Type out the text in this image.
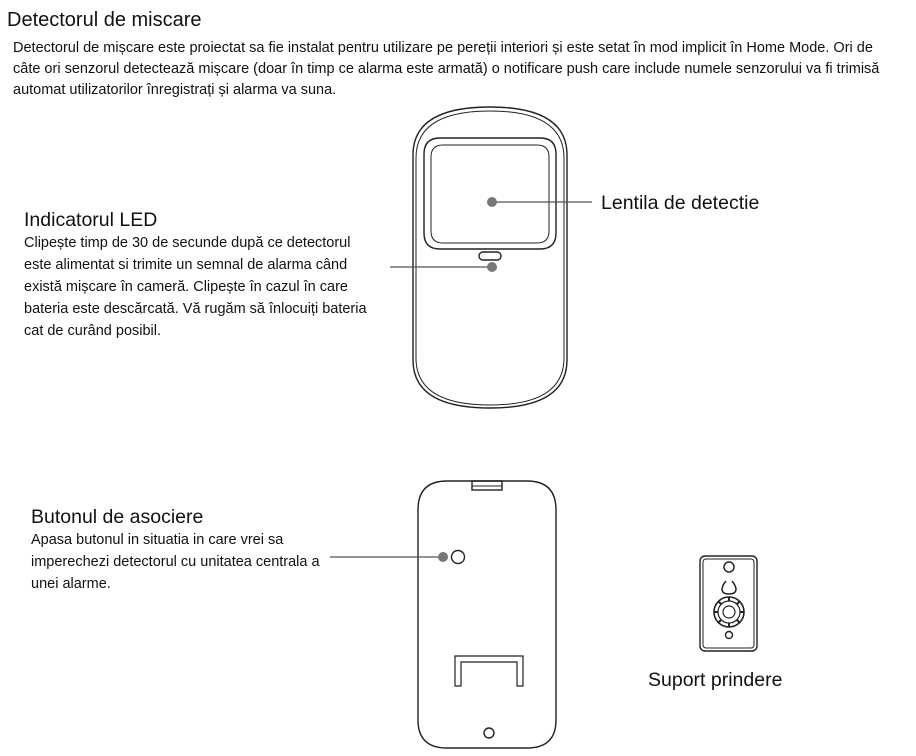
Detectorul de miscare
Detectorul de mișcare este proiectat sa fie instalat pentru utilizare pe pereții interiori și este setat în mod implicit în Home Mode. Ori de câte ori senzorul detectează mișcare (doar în timp ce alarma este armată) o notificare push care include numele senzorului va fi trimisă automat utilizatorilor înregistrați și alarma va suna.
Indicatorul LED
Clipește timp de 30 de secunde după ce detectorul este alimentat si trimite un semnal de alarma când există mișcare în cameră. Clipește în cazul în care bateria este descărcată. Vă rugăm să înlocuiți bateria cat de curând posibil.
Butonul de asociere
Apasa butonul in situatia in care vrei sa imperechezi detectorul cu unitatea centrala a unei alarme.
Lentila de detectie
Suport prindere
